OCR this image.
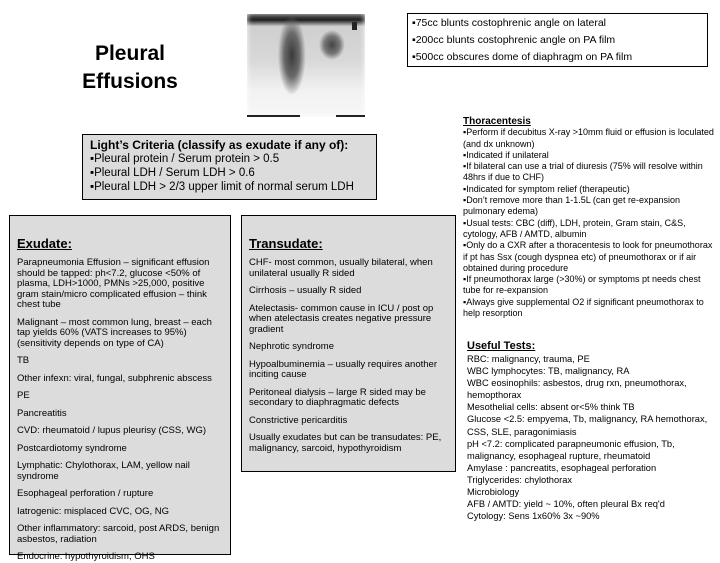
Pleural
Effusions
▪75cc blunts costophrenic angle on lateral
▪200cc blunts costophrenic angle on PA film
▪500cc obscures dome of diaphragm on PA film
Light’s Criteria (classify as exudate if any of):
▪Pleural protein / Serum protein > 0.5
▪Pleural LDH / Serum LDH > 0.6
▪Pleural LDH > 2/3 upper limit of normal serum LDH
Exudate:
Parapneumonia Effusion – significant effusion should be tapped: ph<7.2, glucose <50% of plasma, LDH>1000, PMNs >25,000, positive gram stain/micro complicated effusion – think chest tube
Malignant – most common lung, breast – each tap yields 60% (VATS increases to 95%) (sensitivity depends on type of CA)
TB
Other infexn: viral, fungal, subphrenic abscess
PE
Pancreatitis
CVD: rheumatoid / lupus pleurisy (CSS, WG)
Postcardiotomy syndrome
Lymphatic: Chylothorax, LAM, yellow nail syndrome
Esophageal perforation / rupture
Iatrogenic: misplaced CVC, OG, NG
Other inflammatory: sarcoid, post ARDS, benign asbestos, radiation
Endocrine: hypothyroidism, OHS
Transudate:
CHF- most common, usually bilateral, when unilateral usually R sided
Cirrhosis – usually R sided
Atelectasis- common cause in ICU / post op when atelectasis creates negative pressure gradient
Nephrotic syndrome
Hypoalbuminemia – usually requires another inciting cause
Peritoneal dialysis – large R sided may be secondary to diaphragmatic defects
Constrictive pericarditis
Usually exudates but can be transudates: PE, malignancy, sarcoid, hypothyroidism
Thoracentesis
▪Perform if decubitus X-ray >10mm fluid or effusion is loculated (and dx unknown)
▪Indicated if unilateral
▪If bilateral can use a trial of diuresis (75% will resolve within 48hrs if due to CHF)
▪Indicated for symptom relief (therapeutic)
▪Don’t remove more than 1-1.5L (can get re-expansion pulmonary edema)
▪Usual tests: CBC (diff), LDH, protein, Gram stain, C&S, cytology, AFB / AMTD, albumin
▪Only do a CXR after a thoracentesis to look for pneumothorax if pt has Ssx (cough dyspnea etc) of pneumothorax or if air obtained during procedure
▪If pneumothorax large (>30%) or symptoms pt needs chest tube for re-expansion
▪Always give supplemental O2 if significant pneumothorax to help resorption
Useful Tests:
RBC: malignancy, trauma, PE
WBC lymphocytes: TB, malignancy, RA
WBC eosinophils: asbestos, drug rxn, pneumothorax, hemopthorax
Mesothelial cells: absent or<5% think TB
Glucose <2.5: empyema, Tb, malignancy, RA hemothorax, CSS, SLE, paragonimiasis
pH <7.2: complicated parapneumonic effusion, Tb, malignancy, esophageal rupture, rheumatoid
Amylase : pancreatits, esophageal perforation
Triglycerides: chylothorax
Microbiology
AFB / AMTD: yield ~ 10%, often pleural Bx req'd
Cytology: Sens 1x60% 3x ~90%
